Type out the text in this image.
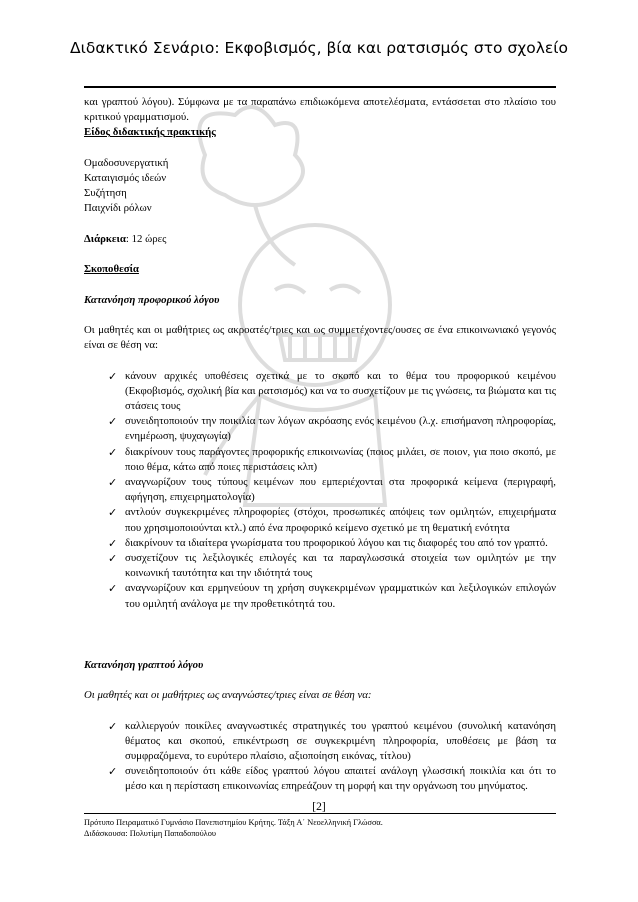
Διδακτικό Σενάριο: Εκφοβισμός, βία και ρατσισμός στο σχολείο

και γραπτού λόγου). Σύμφωνα με τα παραπάνω επιδιωκόμενα αποτελέσματα, εντάσσεται στο πλαίσιο του κριτικού γραμματισμού.

Είδος διδακτικής πρακτικής

Ομαδοσυνεργατική

Καταιγισμός ιδεών

Συζήτηση

Παιχνίδι ρόλων

Διάρκεια: 12 ώρες

Σκοποθεσία

Κατανόηση προφορικού λόγου

Οι μαθητές και οι μαθήτριες ως ακροατές/τριες και ως συμμετέχοντες/ουσες σε ένα επικοινωνιακό γεγονός είναι σε θέση να:

✓ κάνουν αρχικές υποθέσεις σχετικά με το σκοπό και το θέμα του προφορικού κειμένου (Εκφοβισμός, σχολική βία και ρατσισμός) και να το συσχετίζουν με τις γνώσεις, τα βιώματα και τις στάσεις τους
✓ συνειδητοποιούν την ποικιλία των λόγων ακρόασης ενός κειμένου (λ.χ. επισήμανση πληροφορίας, ενημέρωση, ψυχαγωγία)
✓ διακρίνουν τους παράγοντες προφορικής επικοινωνίας (ποιος μιλάει, σε ποιον, για ποιο σκοπό, με ποιο θέμα, κάτω από ποιες περιστάσεις κλπ)
✓ αναγνωρίζουν τους τύπους κειμένων που εμπεριέχονται στα προφορικά κείμενα (περιγραφή, αφήγηση, επιχειρηματολογία)
✓ αντλούν συγκεκριμένες πληροφορίες (στόχοι, προσωπικές απόψεις των ομιλητών, επιχειρήματα που χρησιμοποιούνται κτλ.) από ένα προφορικό κείμενο σχετικό με τη θεματική ενότητα
✓ διακρίνουν τα ιδιαίτερα γνωρίσματα του προφορικού λόγου και τις διαφορές του από τον γραπτό.
✓ συσχετίζουν τις λεξιλογικές επιλογές και τα παραγλωσσικά στοιχεία των ομιλητών με την κοινωνική ταυτότητα και την ιδιότητά τους
✓ αναγνωρίζουν και ερμηνεύουν τη χρήση συγκεκριμένων γραμματικών και λεξιλογικών επιλογών του ομιλητή ανάλογα με την προθετικότητά του.

Κατανόηση γραπτού λόγου

Οι μαθητές και οι μαθήτριες ως αναγνώστες/τριες είναι σε θέση να:

✓ καλλιεργούν ποικίλες αναγνωστικές στρατηγικές του γραπτού κειμένου (συνολική κατανόηση θέματος και σκοπού, επικέντρωση σε συγκεκριμένη πληροφορία, υποθέσεις με βάση τα συμφραζόμενα, το ευρύτερο πλαίσιο, αξιοποίηση εικόνας, τίτλου)
✓ συνειδητοποιούν ότι κάθε είδος γραπτού λόγου απαιτεί ανάλογη γλωσσική ποικιλία και ότι το μέσο και η περίσταση επικοινωνίας επηρεάζουν τη μορφή και την οργάνωση του μηνύματος.
[2]

Πρότυπο Πειραματικό Γυμνάσιο Πανεπιστημίου Κρήτης. Τάξη Α΄ Νεοελληνική Γλώσσα.

Διδάσκουσα: Πολυτίμη Παπαδοπούλου
